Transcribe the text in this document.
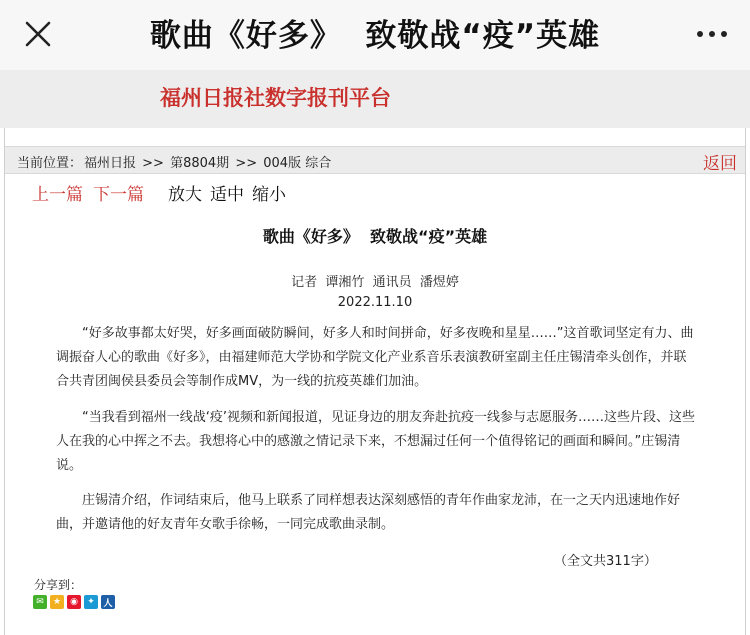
歌曲《好多》  致敬战“疫”英雄
福州日报社数字报刊平台
当前位置： 福州日报 >> 第8804期 >> 004版 综合	返回
上一篇 下一篇 放大 适中 缩小
歌曲《好多》  致敬战“疫”英雄
记者  谭湘竹  通讯员  潘煜婷
2022.11.10

“好多故事都太好哭，好多画面破防瞬间，好多人和时间拼命，好多夜晚和星星……”这首歌词坚定有力、曲调振奋人心的歌曲《好多》，由福建师范大学协和学院文化产业系音乐表演教研室副主任庄锡清牵头创作，并联合共青团闽侯县委员会等制作成MV，为一线的抗疫英雄们加油。

“当我看到福州一线战‘疫’视频和新闻报道，见证身边的朋友奔赴抗疫一线参与志愿服务……这些片段、这些人在我的心中挥之不去。我想将心中的感激之情记录下来，不想漏过任何一个值得铭记的画面和瞬间。”庄锡清说。

庄锡清介绍，作词结束后，他马上联系了同样想表达深刻感悟的青年作曲家龙沛，在一之天内迅速地作好曲，并邀请他的好友青年女歌手徐畅，一同完成歌曲录制。

（全文共311字）
分享到：
✉	★	◉	✦ 人
